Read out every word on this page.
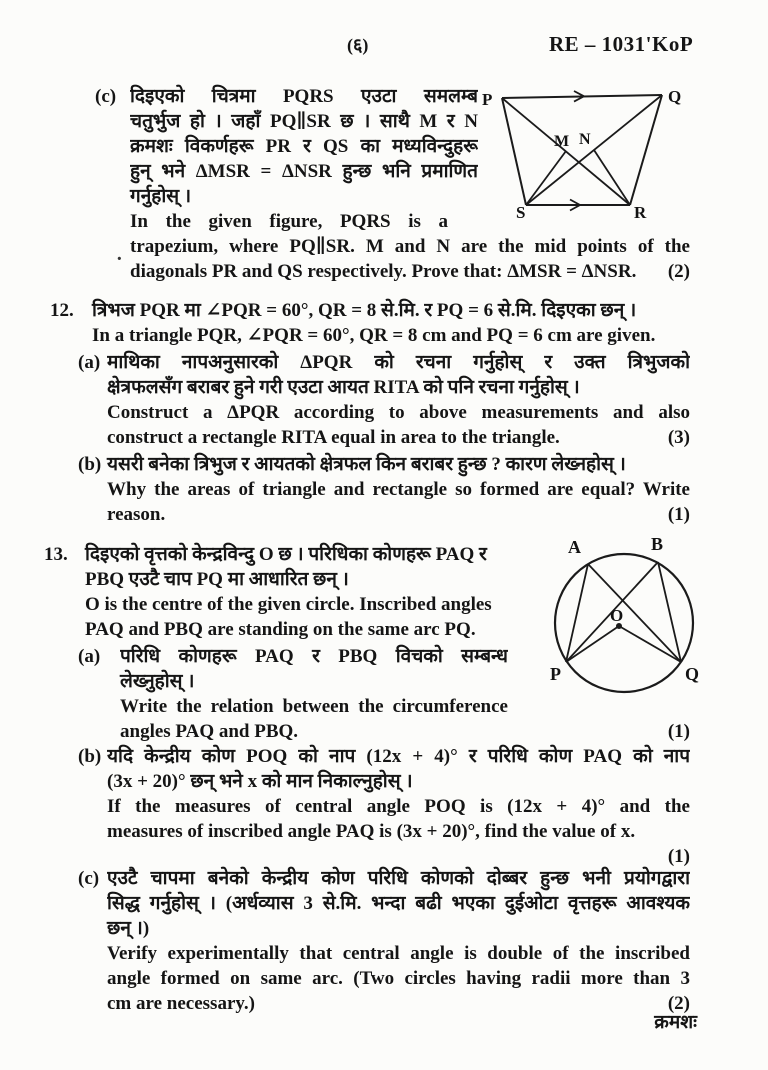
(६)	RE – 1031'KoP
(c) दिइएको चित्रमा PQRS एउटा समलम्ब
चतुर्भुज हो । जहाँ PQ∥SR छ । साथै M र N
क्रमशः विकर्णहरू PR र QS का मध्यविन्दुहरू
हुन् भने ΔMSR = ΔNSR हुन्छ भनि प्रमाणित
गर्नुहोस् ।
In the given figure, PQRS is a
trapezium, where PQ∥SR. M and N are the mid points of the
diagonals PR and QS respectively. Prove that: ΔMSR = ΔNSR. (2)
·
P	Q
M N
S	R
12. त्रिभज PQR मा ∠PQR = 60°, QR = 8 से.मि. र PQ = 6 से.मि. दिइएका छन् ।
In a triangle PQR, ∠PQR = 60°, QR = 8 cm and PQ = 6 cm are given.
(a) माथिका नापअनुसारको ΔPQR को रचना गर्नुहोस् र उक्त त्रिभुजको
क्षेत्रफलसँग बराबर हुने गरी एउटा आयत RITA को पनि रचना गर्नुहोस् ।
Construct a ΔPQR according to above measurements and also
construct a rectangle RITA equal in area to the triangle.	(3)
(b) यसरी बनेका त्रिभुज र आयतको क्षेत्रफल किन बराबर हुन्छ ? कारण लेख्नहोस् ।
Why the areas of triangle and rectangle so formed are equal? Write
reason.	(1)
13. दिइएको वृत्तको केन्द्रविन्दु O छ । परिधिका कोणहरू PAQ र
PBQ एउटै चाप PQ मा आधारित छन् ।
O is the centre of the given circle. Inscribed angles
PAQ and PBQ are standing on the same arc PQ.
A	B
O
P	Q
(a) परिधि कोणहरू PAQ र PBQ विचको सम्बन्ध
लेख्नुहोस् ।
Write the relation between the circumference
angles PAQ and PBQ.	(1)
(b) यदि केन्द्रीय कोण POQ को नाप (12x + 4)° र परिधि कोण PAQ को नाप
(3x + 20)° छन् भने x को मान निकाल्नुहोस् ।
If the measures of central angle POQ is (12x + 4)° and the
measures of inscribed angle PAQ is (3x + 20)°, find the value of x.
(1)
(c) एउटै चापमा बनेको केन्द्रीय कोण परिधि कोणको दोब्बर हुन्छ भनी प्रयोगद्वारा
सिद्ध गर्नुहोस् । (अर्धव्यास 3 से.मि. भन्दा बढी भएका दुईओटा वृत्तहरू आवश्यक
छन् ।)
Verify experimentally that central angle is double of the inscribed
angle formed on same arc. (Two circles having radii more than 3
cm are necessary.)	(2)
क्रमशः
